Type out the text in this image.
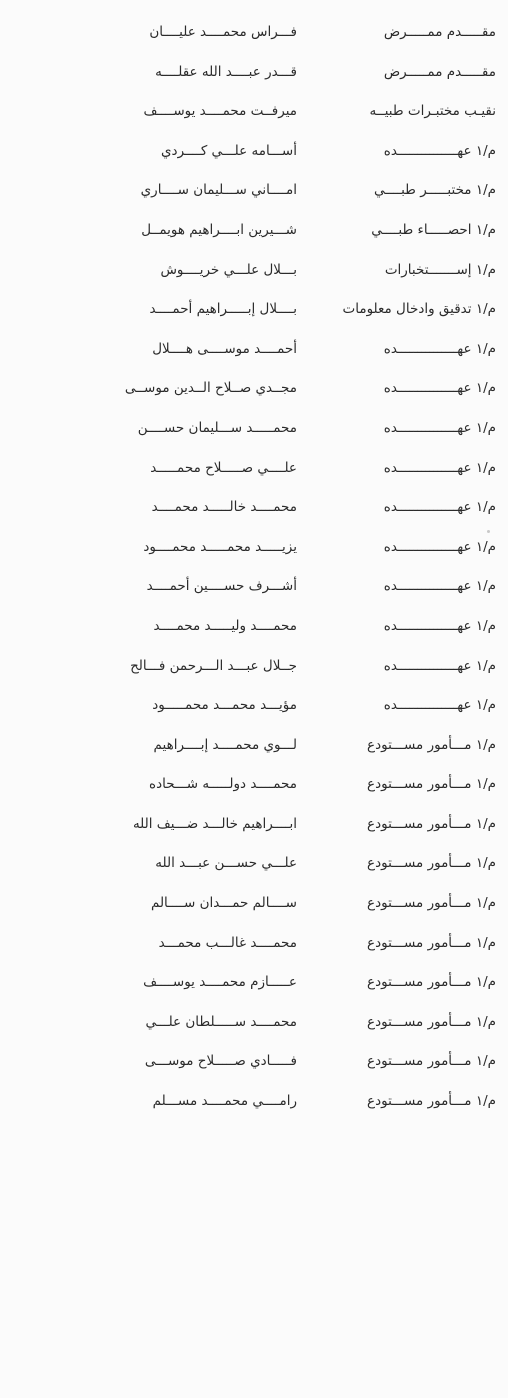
مقـــــدم ممـــــرض
فـــراس محمــــد عليــــان
مقـــــدم ممـــــرض
قـــدر عبــــد الله عقلــــه
نقيـب مختبـرات طبيــه
ميرفــت محمــــد يوســــف
م/١ عهـــــــــــــــده
أســـامه علـــي كــــردي
م/١ مختبـــــر طبــــي
امــــاني ســـليمان ســــاري
م/١ احصـــــاء طبــــي
شـــيرين ابــــراهيم هويمــل
م/١ إســـــــتخبارات
بـــلال علـــي خريــــوش
م/١ تدقيق وادخال معلومات
بــــلال إبـــــراهيم أحمــــد
م/١ عهـــــــــــــــده
أحمــــد موســــى هــــلال
م/١ عهـــــــــــــــده
مجــدي صــلاح الــدين موســى
م/١ عهـــــــــــــــده
محمـــــد ســـليمان حســــن
م/١ عهـــــــــــــــده
علــــي صـــــلاح محمـــــد
م/١ عهـــــــــــــــده
محمــــد خالـــــد محمــــد
م/١ عهـــــــــــــــده
يزيـــــد محمـــــد محمــــود
م/١ عهـــــــــــــــده
أشـــرف حســــين أحمــــد
م/١ عهـــــــــــــــده
محمــــد وليـــــد محمــــد
م/١ عهـــــــــــــــده
جــلال عبـــد الـــرحمن فـــالح
م/١ عهـــــــــــــــده
مؤيـــد محمـــد محمـــــود
م/١ مـــأمور مســـتودع
لـــوي محمــــد إبــــراهيم
م/١ مـــأمور مســـتودع
محمــــد دولـــــه شـــحاده
م/١ مـــأمور مســـتودع
ابــــراهيم خالـــد ضـــيف الله
م/١ مـــأمور مســـتودع
علـــي حســـن عبـــد الله
م/١ مـــأمور مســـتودع
ســــالم حمـــدان ســــالم
م/١ مـــأمور مســـتودع
محمــــد غالـــب محمـــد
م/١ مـــأمور مســـتودع
عـــــازم محمــــد يوســــف
م/١ مـــأمور مســـتودع
محمــــد ســـــلطان علـــي
م/١ مـــأمور مســـتودع
فـــــادي صـــــلاح موســـى
م/١ مـــأمور مســـتودع
رامــــي محمــــد مســـلم
